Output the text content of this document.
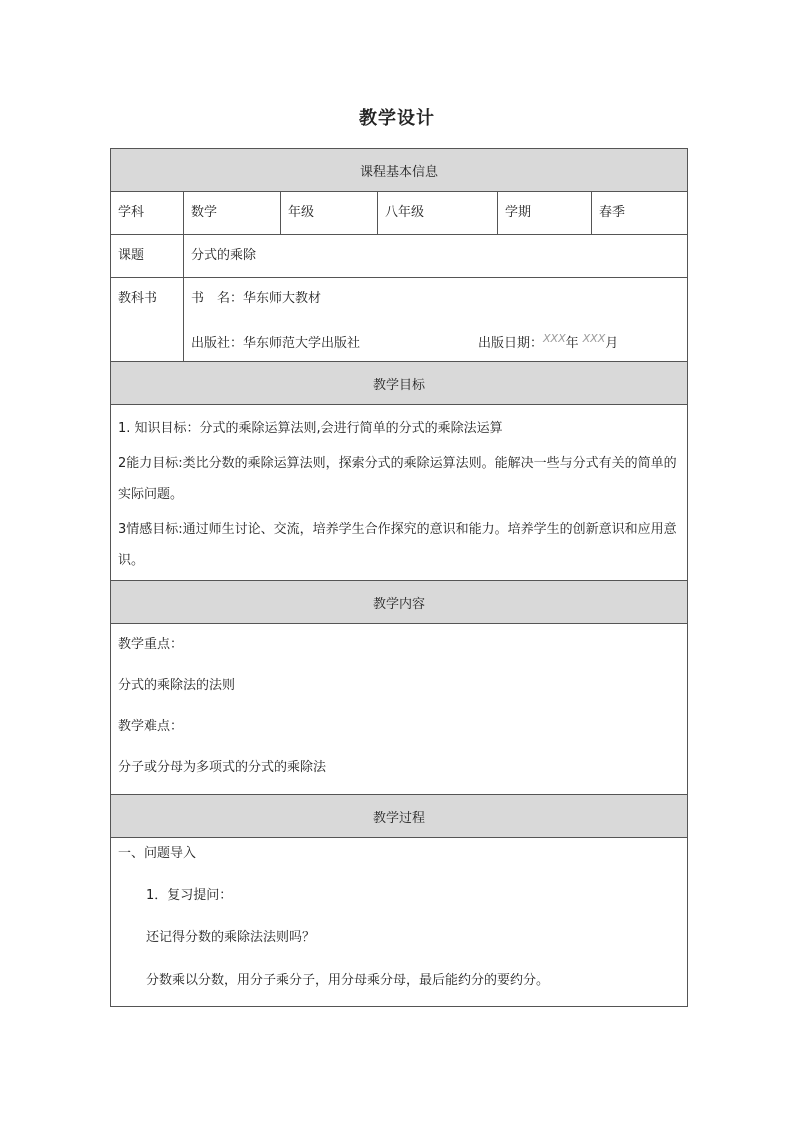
教学设计
课程基本信息
学科	数学	年级	八年级	学期	春季
课题	分式的乘除
教科书	书　名：华东师大教材
出版社：华东师范大学出版社	出版日期： XXX 年 XXX 月
教学目标
1. 知识目标：分式的乘除运算法则,会进行简单的分式的乘除法运算
2能力目标:类比分数的乘除运算法则，探索分式的乘除运算法则。能解决一些与分式有关的简单的实际问题。
3情感目标:通过师生讨论、交流，培养学生合作探究的意识和能力。培养学生的创新意识和应用意识。
教学内容
教学重点：
分式的乘除法的法则
教学难点：
分子或分母为多项式的分式的乘除法
教学过程
一、问题导入
1．复习提问：
还记得分数的乘除法法则吗？
分数乘以分数，用分子乘分子，用分母乘分母，最后能约分的要约分。
